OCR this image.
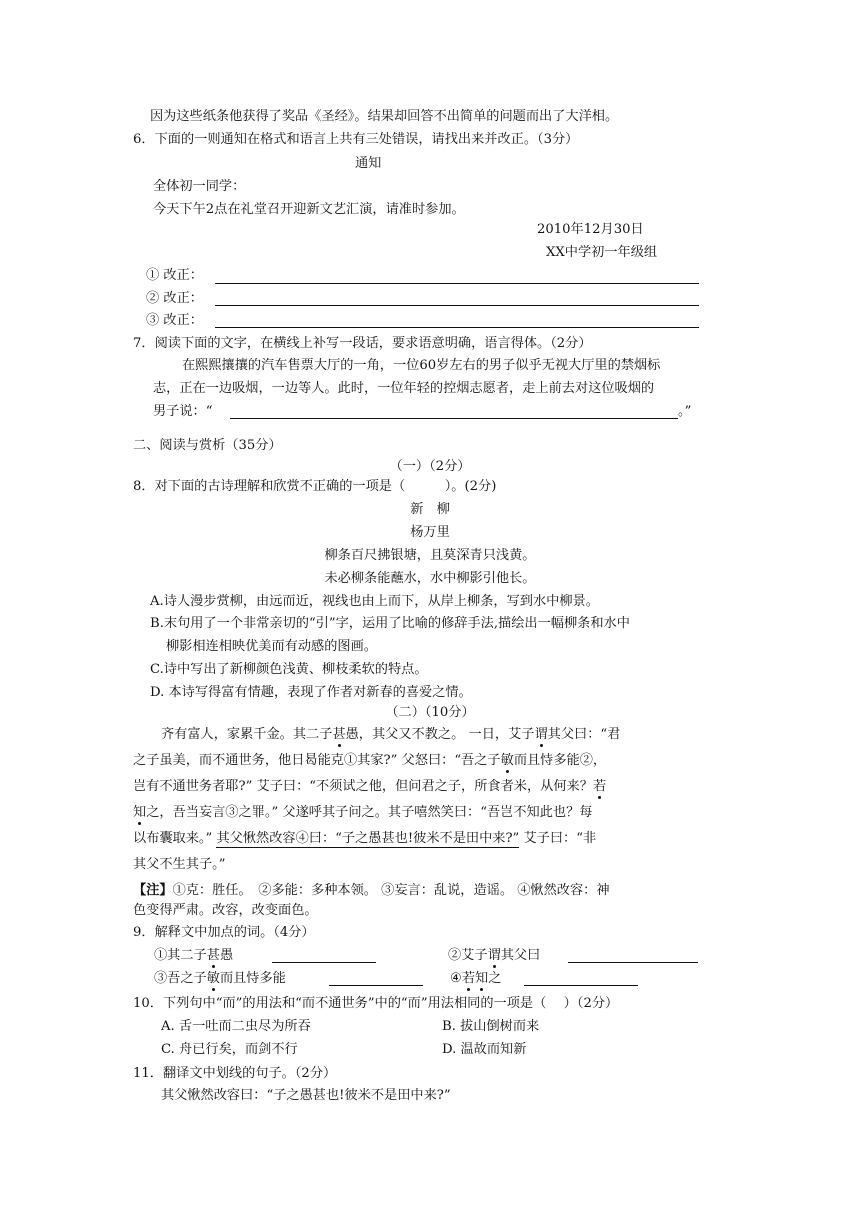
因为这些纸条他获得了奖品《圣经》。结果却回答不出简单的问题而出了大洋相。
6．下面的一则通知在格式和语言上共有三处错误，请找出来并改正。（3分）
通知
全体初一同学：
今天下午2点在礼堂召开迎新文艺汇演，请准时参加。
2010年12月30日
XX中学初一年级组
① 改正：
② 改正：
③ 改正：
7．阅读下面的文字，在横线上补写一段话，要求语意明确，语言得体。（2分）
在熙熙攘攘的汽车售票大厅的一角，一位60岁左右的男子似乎无视大厅里的禁烟标
志，正在一边吸烟，一边等人。此时，一位年轻的控烟志愿者，走上前去对这位吸烟的
男子说：“	。”
二、阅读与赏析（35分）
（一）（2分）
8．对下面的古诗理解和欣赏不正确的一项是（　　　）。(2分)
新　柳
杨万里
柳条百尺拂银塘，且莫深青只浅黄。
未必柳条能蘸水，水中柳影引他长。
A.诗人漫步赏柳，由远而近，视线也由上而下，从岸上柳条，写到水中柳景。
B.末句用了一个非常亲切的“引”字，运用了比喻的修辞手法,描绘出一幅柳条和水中
柳影相连相映优美而有动感的图画。
C.诗中写出了新柳颜色浅黄、柳枝柔软的特点。
D. 本诗写得富有情趣，表现了作者对新春的喜爱之情。
（二）（10分）
齐有富人，家累千金。其二子甚愚，其父又不教之。 一日，艾子谓其父曰：“君
之子虽美，而不通世务，他日曷能克①其家?” 父怒曰：“吾之子敏而且恃多能②，
岂有不通世务者耶?” 艾子曰：“不须试之他，但问君之子，所食者米，从何来？若
知之，吾当妄言③之罪。” 父遂呼其子问之。其子嘻然笑曰：“吾岂不知此也？每
以布囊取来。” 其父愀然改容④曰：“子之愚甚也!彼米不是田中来?” 艾子曰：“非
其父不生其子。”
【注】①克：胜任。　②多能：多种本领。 ③妄言：乱说，造谣。 ④愀然改容：神
色变得严肃。改容，改变面色。
9．解释文中加点的词。（4分）
①其二子甚愚	②艾子谓其父曰
③吾之子敏而且恃多能	④若知之
10．下列句中“而”的用法和“而不通世务”中的“而”用法相同的一项是（　 ）（2分）
A. 舌一吐而二虫尽为所吞	B. 拔山倒树而来
C. 舟已行矣，而剑不行	D. 温故而知新
11．翻译文中划线的句子。（2分）
其父愀然改容曰：“子之愚甚也!彼米不是田中来?”
